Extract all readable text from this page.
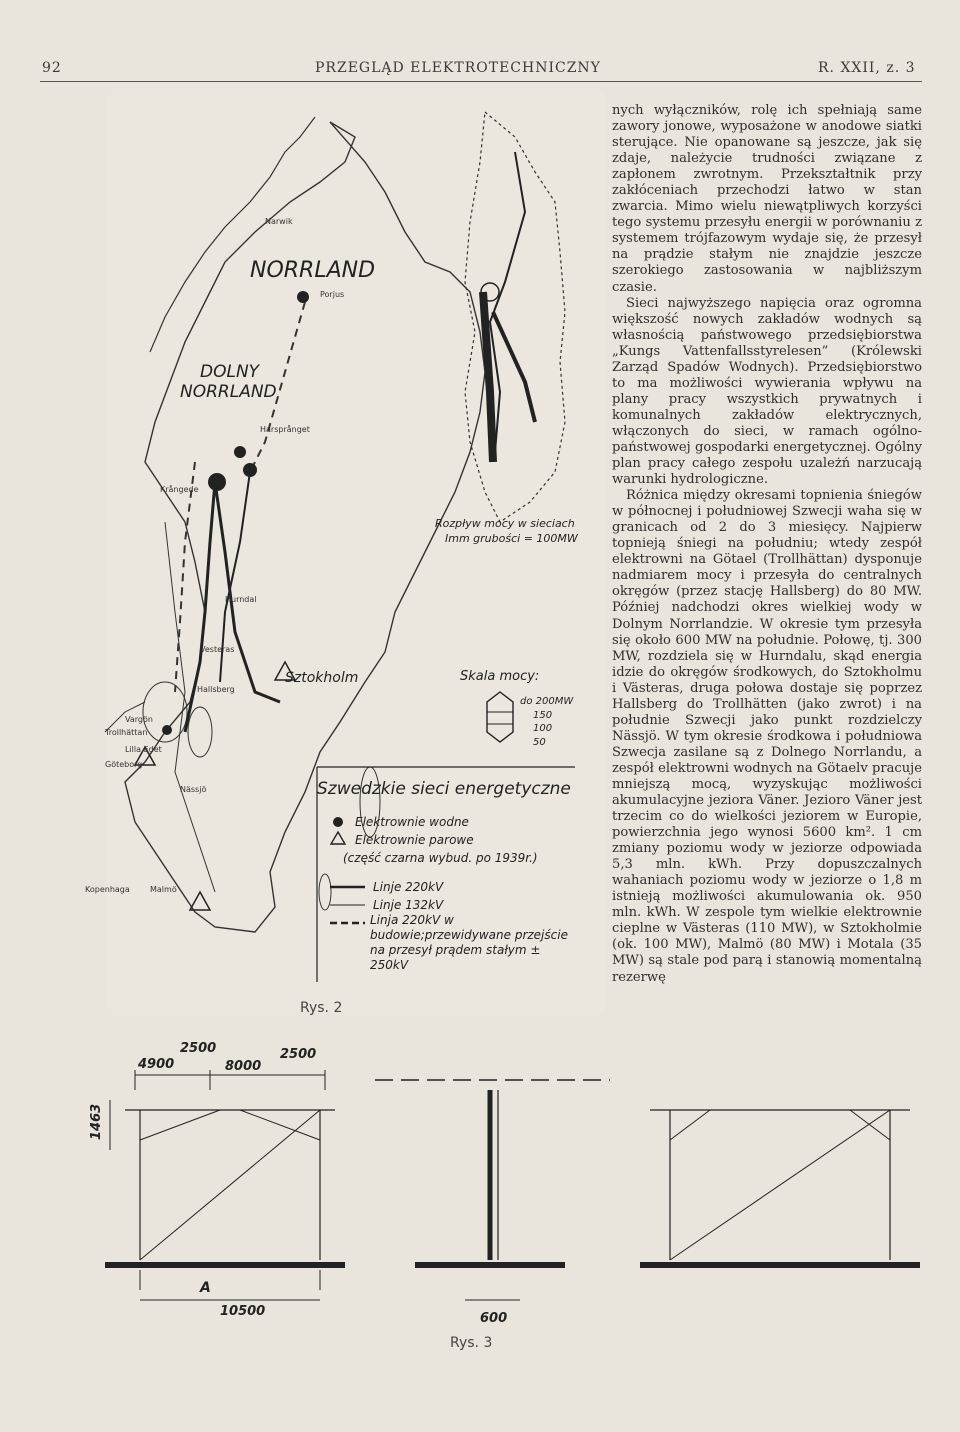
92	PRZEGLĄD ELEKTROTECHNICZNY	R. XXII, z. 3
NORRLAND
DOLNY
NORRLAND
Narwik
Porjus
Sztokholm
Vesteras
Hallsberg
Trollhättan
Göteborg
Nässjö
Malmö
Kopenhaga
Harsprånget
Vargön
Lilla Edet
Krångede
Hurndal
Rozpływ mocy w sieciach
Imm grubości = 100MW
Skala mocy:
do 200MW
150
100
50
Szwedzkie sieci energetyczne
Elektrownie wodne
Elektrownie parowe
(część czarna wybud. po 1939r.)
Linje 220kV
Linje 132kV
Linja 220kV w budowie;przewidywane przejście na przesył prądem stałym ± 250kV
Rys. 2

nych wyłączników, rolę ich spełniają same zawory jonowe, wyposażone w anodowe siatki sterujące. Nie opanowane są jeszcze, jak się zdaje, należycie trudności związane z zapłonem zwrotnym. Przekształtnik przy zakłóceniach przechodzi łatwo w stan zwarcia. Mimo wielu niewątpliwych korzyści tego systemu przesyłu energii w porównaniu z systemem trójfazowym wydaje się, że przesył na prądzie stałym nie znajdzie jeszcze szerokiego zastosowania w najbliższym czasie.

Sieci najwyższego napięcia oraz ogromna większość nowych zakładów wodnych są własnością państwowego przedsiębiorstwa „Kungs Vattenfallsstyrelesen” (Królewski Zarząd Spadów Wodnych). Przedsiębiorstwo to ma możliwości wywierania wpływu na plany pracy wszystkich prywatnych i komunalnych zakładów elektrycznych, włączonych do sieci, w ramach ogólno-państwowej gospodarki energetycznej. Ogólny plan pracy całego zespołu uzależń narzucają warunki hydrologiczne.

Różnica między okresami topnienia śniegów w północnej i południowej Szwecji waha się w granicach od 2 do 3 miesięcy. Najpierw topnieją śniegi na południu; wtedy zespół elektrowni na Götael (Trollhättan) dysponuje nadmiarem mocy i przesyła do centralnych okręgów (przez stację Hallsberg) do 80 MW. Później nadchodzi okres wielkiej wody w Dolnym Norrlandzie. W okresie tym przesyła się około 600 MW na południe. Połowę, tj. 300 MW, rozdziela się w Hurndalu, skąd energia idzie do okręgów środkowych, do Sztokholmu i Västeras, druga połowa dostaje się poprzez Hallsberg do Trollhätten (jako zwrot) i na południe Szwecji jako punkt rozdzielczy Nässjö. W tym okresie środkowa i południowa Szwecja zasilane są z Dolnego Norrlandu, a zespół elektrowni wodnych na Götaelv pracuje mniejszą mocą, wyzyskując możliwości akumulacyjne jeziora Väner. Jezioro Väner jest trzecim co do wielkości jeziorem w Europie, powierzchnia jego wynosi 5600 km². 1 cm zmiany poziomu wody w jeziorze odpowiada 5,3 mln. kWh. Przy dopuszczalnych wahaniach poziomu wody w jeziorze o 1,8 m istnieją możliwości akumulowania ok. 950 mln. kWh. W zespole tym wielkie elektrownie cieplne w Västeras (110 MW), w Sztokholmie (ok. 100 MW), Malmö (80 MW) i Motala (35 MW) są stale pod parą i stanowią momentalną rezerwę

2500
4900	8000
2500
1463
A
10500	600
Rys. 3
